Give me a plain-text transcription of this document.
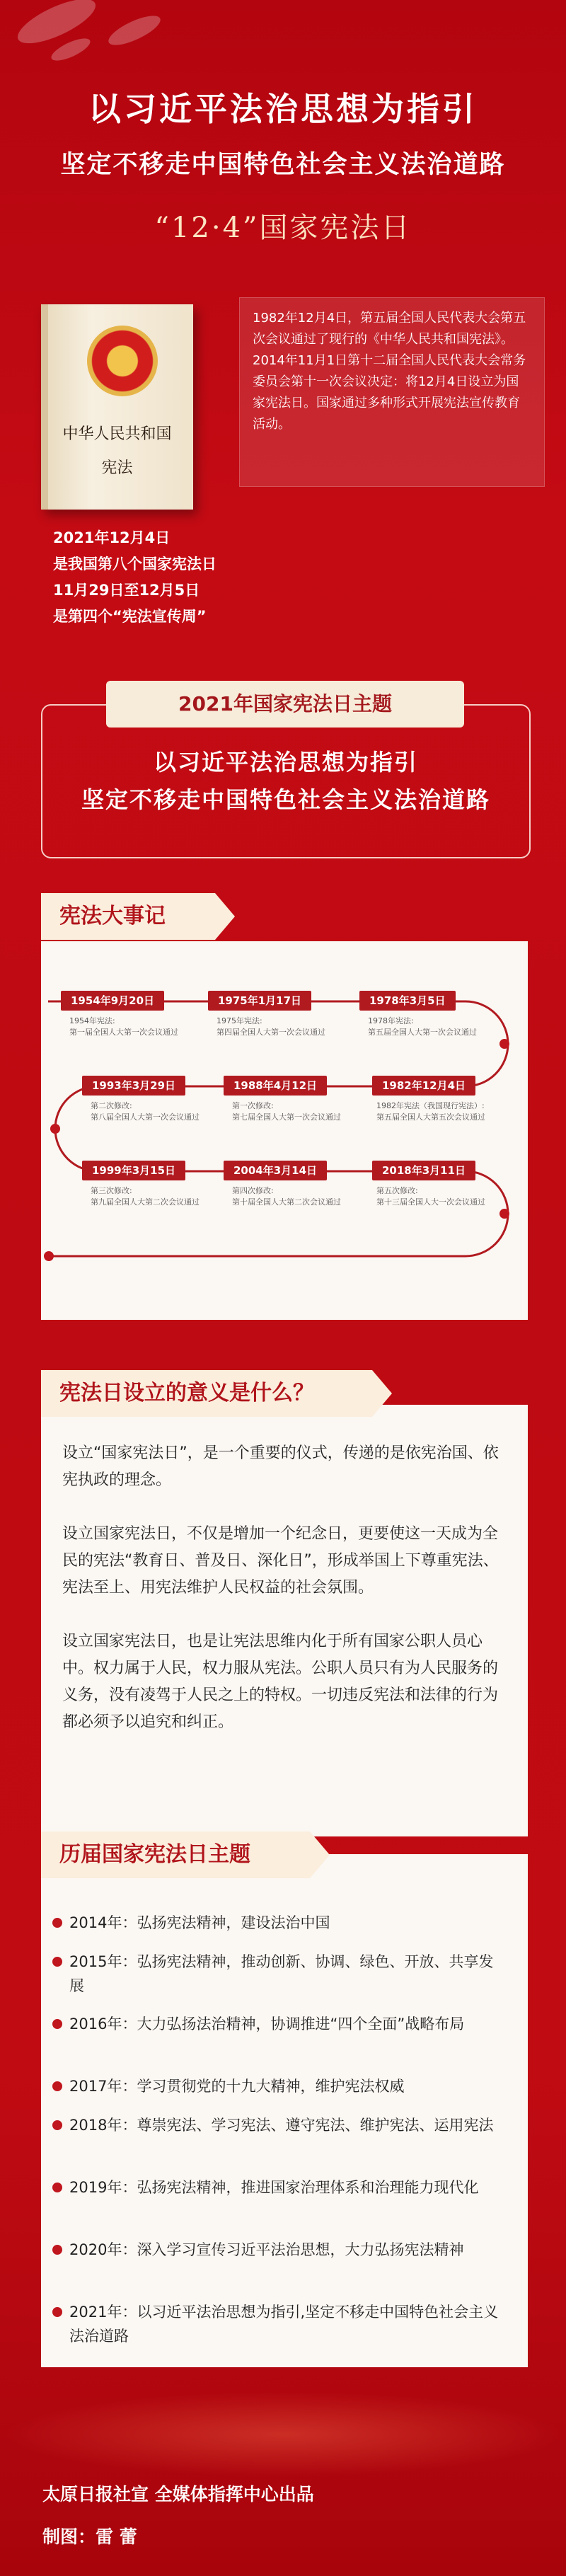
以习近平法治思想为指引
坚定不移走中国特色社会主义法治道路
“12·4”国家宪法日
中华人民共和国
宪法
1982年12月4日，第五届全国人民代表大会第五次会议通过了现行的《中华人民共和国宪法》。2014年11月1日第十二届全国人民代表大会常务委员会第十一次会议决定：将12月4日设立为国家宪法日。国家通过多种形式开展宪法宣传教育活动。
2021年12月4日
是我国第八个国家宪法日
11月29日至12月5日
是第四个“宪法宣传周”
2021年国家宪法日主题
以习近平法治思想为指引
坚定不移走中国特色社会主义法治道路
宪法大事记
1954年9月20日
1954年宪法:
第一届全国人大第一次会议通过
1975年1月17日
1975年宪法:
第四届全国人大第一次会议通过
1978年3月5日
1978年宪法:
第五届全国人大第一次会议通过
1993年3月29日
第二次修改:
第八届全国人大第一次会议通过
1988年4月12日
第一次修改:
第七届全国人大第一次会议通过
1982年12月4日
1982年宪法（我国现行宪法）:
第五届全国人大第五次会议通过
1999年3月15日
第三次修改:
第九届全国人大第二次会议通过
2004年3月14日
第四次修改:
第十届全国人大第二次会议通过
2018年3月11日
第五次修改:
第十三届全国人大一次会议通过

设立“国家宪法日”，是一个重要的仪式，传递的是依宪治国、依宪执政的理念。

设立国家宪法日，不仅是增加一个纪念日，更要使这一天成为全民的宪法“教育日、普及日、深化日”，形成举国上下尊重宪法、宪法至上、用宪法维护人民权益的社会氛围。

设立国家宪法日，也是让宪法思维内化于所有国家公职人员心中。权力属于人民，权力服从宪法。公职人员只有为人民服务的义务，没有凌驾于人民之上的特权。一切违反宪法和法律的行为都必须予以追究和纠正。

宪法日设立的意义是什么？
2014年：弘扬宪法精神，建设法治中国
2015年：弘扬宪法精神，推动创新、协调、绿色、开放、共享发展
2016年：大力弘扬法治精神，协调推进“四个全面”战略布局
2017年：学习贯彻党的十九大精神，维护宪法权威
2018年：尊崇宪法、学习宪法、遵守宪法、维护宪法、运用宪法
2019年：弘扬宪法精神，推进国家治理体系和治理能力现代化
2020年：深入学习宣传习近平法治思想，大力弘扬宪法精神
2021年：以习近平法治思想为指引,坚定不移走中国特色社会主义法治道路
历届国家宪法日主题
太原日报社宣 全媒体指挥中心出品
制图：雷 蕾
